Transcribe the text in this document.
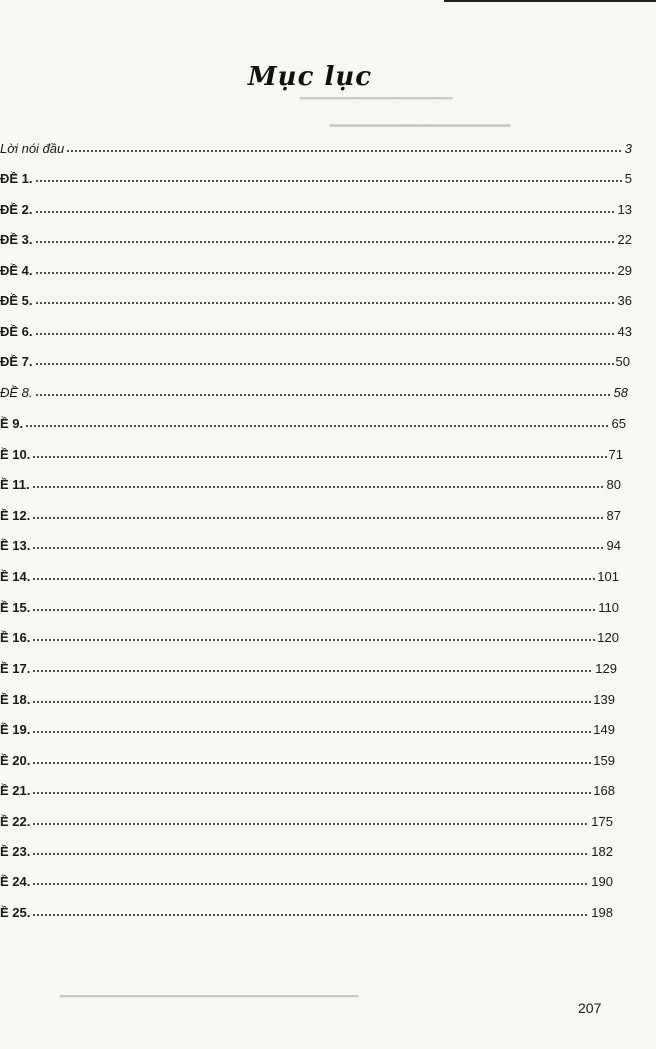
━━━━━━━━━━━━━━━━━━━━━━━
━━━━━━━━━━━━━━━━━━━━━━━
━━━━━━━━━━━━━━━━━━━━━━━━━━━━━━━━━━━━━━━━━━━━━
Mục lục
Lời nói đầu	3
ĐỀ 1.	5
ĐỀ 2.	13
ĐỀ 3.	22
ĐỀ 4.	29
ĐỀ 5.	36
ĐỀ 6.	43
ĐỀ 7.	50
ĐỀ 8.	58
Ề 9.	65
Ề 10.	71
Ề 11.	80
Ề 12.	87
Ề 13.	94
Ề 14.	101
Ề 15.	110
Ề 16.	120
Ề 17.	129
Ề 18.	139
Ề 19.	149
Ề 20.	159
Ề 21.	168
Ề 22.	175
Ề 23.	182
Ề 24.	190
Ề 25.	198
207
